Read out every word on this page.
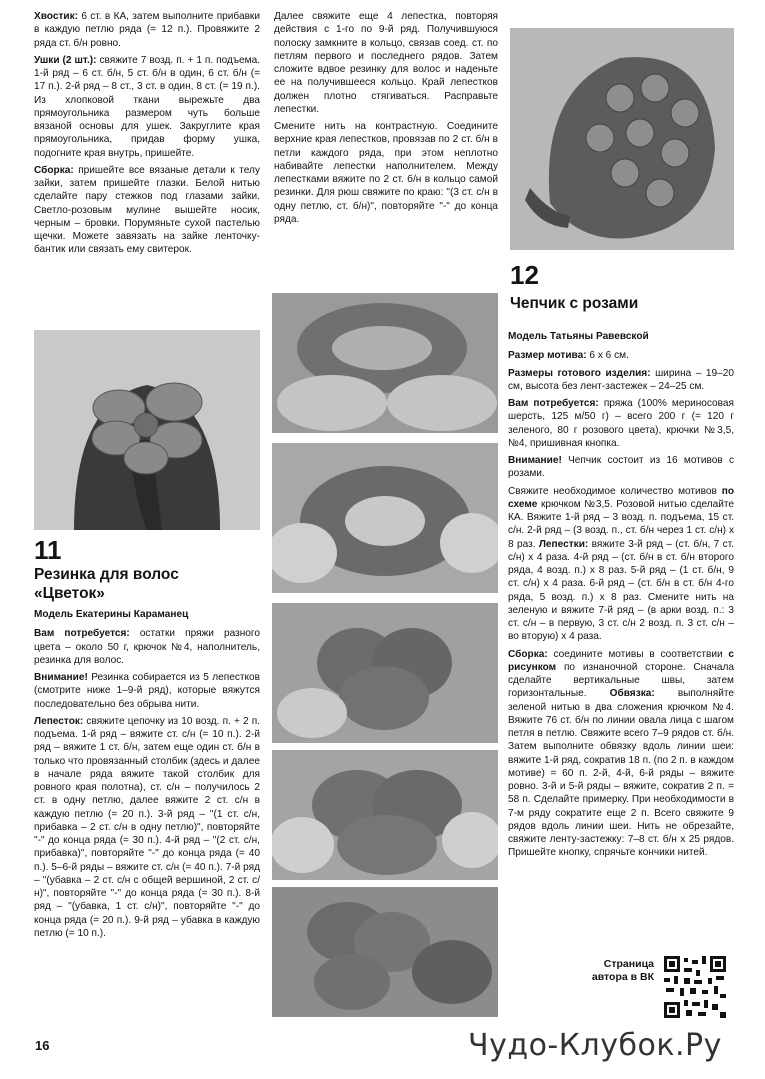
Хвостик: 6 ст. в КА, затем выполните прибавки в каждую петлю ряда (= 12 п.). Провяжите 2 ряда ст. б/н ровно.

Ушки (2 шт.): свяжите 7 возд. п. + 1 п. подъема. 1-й ряд – 6 ст. б/н, 5 ст. б/н в один, 6 ст. б/н (= 17 п.). 2-й ряд – 8 ст., 3 ст. в один, 8 ст. (= 19 п.). Из хлопковой ткани вырежьте два прямоугольника размером чуть больше вязаной основы для ушек. Закруглите края прямоугольника, придав форму ушка, подогните края внутрь, пришейте.

Сборка: пришейте все вязаные детали к телу зайки, затем пришейте глазки. Белой нитью сделайте пару стежков под глазами зайки. Светло-розовым мулине вышейте носик, черным – бровки. Порумяньте сухой пастелью щечки. Можете завязать на зайке ленточку-бантик или связать ему свитерок.

11
Резинка для волос
«Цветок»

Модель Екатерины Караманец

Вам потребуется: остатки пряжи разного цвета – около 50 г, крючок №4, наполнитель, резинка для волос.

Внимание! Резинка собирается из 5 лепестков (смотрите ниже 1–9-й ряд), которые вяжутся последовательно без обрыва нити.

Лепесток: свяжите цепочку из 10 возд. п. + 2 п. подъема. 1-й ряд – вяжите ст. с/н (= 10 п.). 2-й ряд – вяжите 1 ст. б/н, затем еще один ст. б/н в только что провязанный столбик (здесь и далее в начале ряда вяжите такой столбик для ровного края полотна), ст. с/н – получилось 2 ст. в одну петлю, далее вяжите 2 ст. с/н в каждую петлю (= 20 п.). 3-й ряд – "(1 ст. с/н, прибавка – 2 ст. с/н в одну петлю)", повторяйте "-" до конца ряда (= 30 п.). 4-й ряд – "(2 ст. с/н, прибавка)", повторяйте "-" до конца ряда (= 40 п.). 5–6-й ряды – вяжите ст. с/н (= 40 п.). 7-й ряд – "(убавка – 2 ст. с/н с общей вершиной, 2 ст. с/н)", повторяйте "-" до конца ряда (= 30 п.). 8-й ряд – "(убавка, 1 ст. с/н)", повторяйте "-" до конца ряда (= 20 п.). 9-й ряд – убавка в каждую петлю (= 10 п.).

Далее свяжите еще 4 лепестка, повторяя действия с 1-го по 9-й ряд. Получившуюся полоску замкните в кольцо, связав соед. ст. по петлям первого и последнего рядов. Затем сложите вдвое резинку для волос и наденьте ее на получившееся кольцо. Край лепестков должен плотно стягиваться. Расправьте лепестки.

Смените нить на контрастную. Соедините верхние края лепестков, провязав по 2 ст. б/н в петли каждого ряда, при этом неплотно набивайте лепестки наполнителем. Между лепестками вяжите по 2 ст. б/н в кольцо самой резинки. Для рюш свяжите по краю: "(3 ст. с/н в одну петлю, ст. б/н)", повторяйте "-" до конца ряда.

12
Чепчик с розами

Модель Татьяны Равевской

Размер мотива: 6 х 6 см.

Размеры готового изделия: ширина – 19–20 см, высота без лент-застежек – 24–25 см.

Вам потребуется: пряжа (100% мериносовая шерсть, 125 м/50 г) – всего 200 г (= 120 г зеленого, 80 г розового цвета), крючки №3,5, №4, пришивная кнопка.

Внимание! Чепчик состоит из 16 мотивов с розами.

Свяжите необходимое количество мотивов по схеме крючком №3,5. Розовой нитью сделайте КА. Вяжите 1-й ряд – 3 возд. п. подъема, 15 ст. с/н. 2-й ряд – (3 возд. п., ст. б/н через 1 ст. с/н) х 8 раз. Лепестки: вяжите 3-й ряд – (ст. б/н, 7 ст. с/н) х 4 раза. 4-й ряд – (ст. б/н в ст. б/н второго ряда, 4 возд. п.) х 8 раз. 5-й ряд – (1 ст. б/н, 9 ст. с/н) х 4 раза. 6-й ряд – (ст. б/н в ст. б/н 4-го ряда, 5 возд. п.) х 8 раз. Смените нить на зеленую и вяжите 7-й ряд – (в арки возд. п.: 3 ст. с/н – в первую, 3 ст. с/н 2 возд. п. 3 ст. с/н – во вторую) х 4 раза.

Сборка: соедините мотивы в соответствии с рисунком по изнаночной стороне. Сначала сделайте вертикальные швы, затем горизонтальные. Обвязка: выполняйте зеленой нитью в два сложения крючком №4. Вяжите 76 ст. б/н по линии овала лица с шагом петля в петлю. Свяжите всего 7–9 рядов ст. б/н. Затем выполните обвязку вдоль линии шеи: вяжите 1-й ряд, сократив 18 п. (по 2 п. в каждом мотиве) = 60 п. 2-й, 4-й, 6-й ряды – вяжите ровно. 3-й и 5-й ряды – вяжите, сократив 2 п. = 58 п. Сделайте примерку. При необходимости в 7-м ряду сократите еще 2 п. Всего свяжите 9 рядов вдоль линии шеи. Нить не обрезайте, свяжите ленту-застежку: 7–8 ст. б/н х 25 рядов. Пришейте кнопку, спрячьте кончики нитей.

Страница
автора в ВК
16	Чудо-Клубок.Ру
